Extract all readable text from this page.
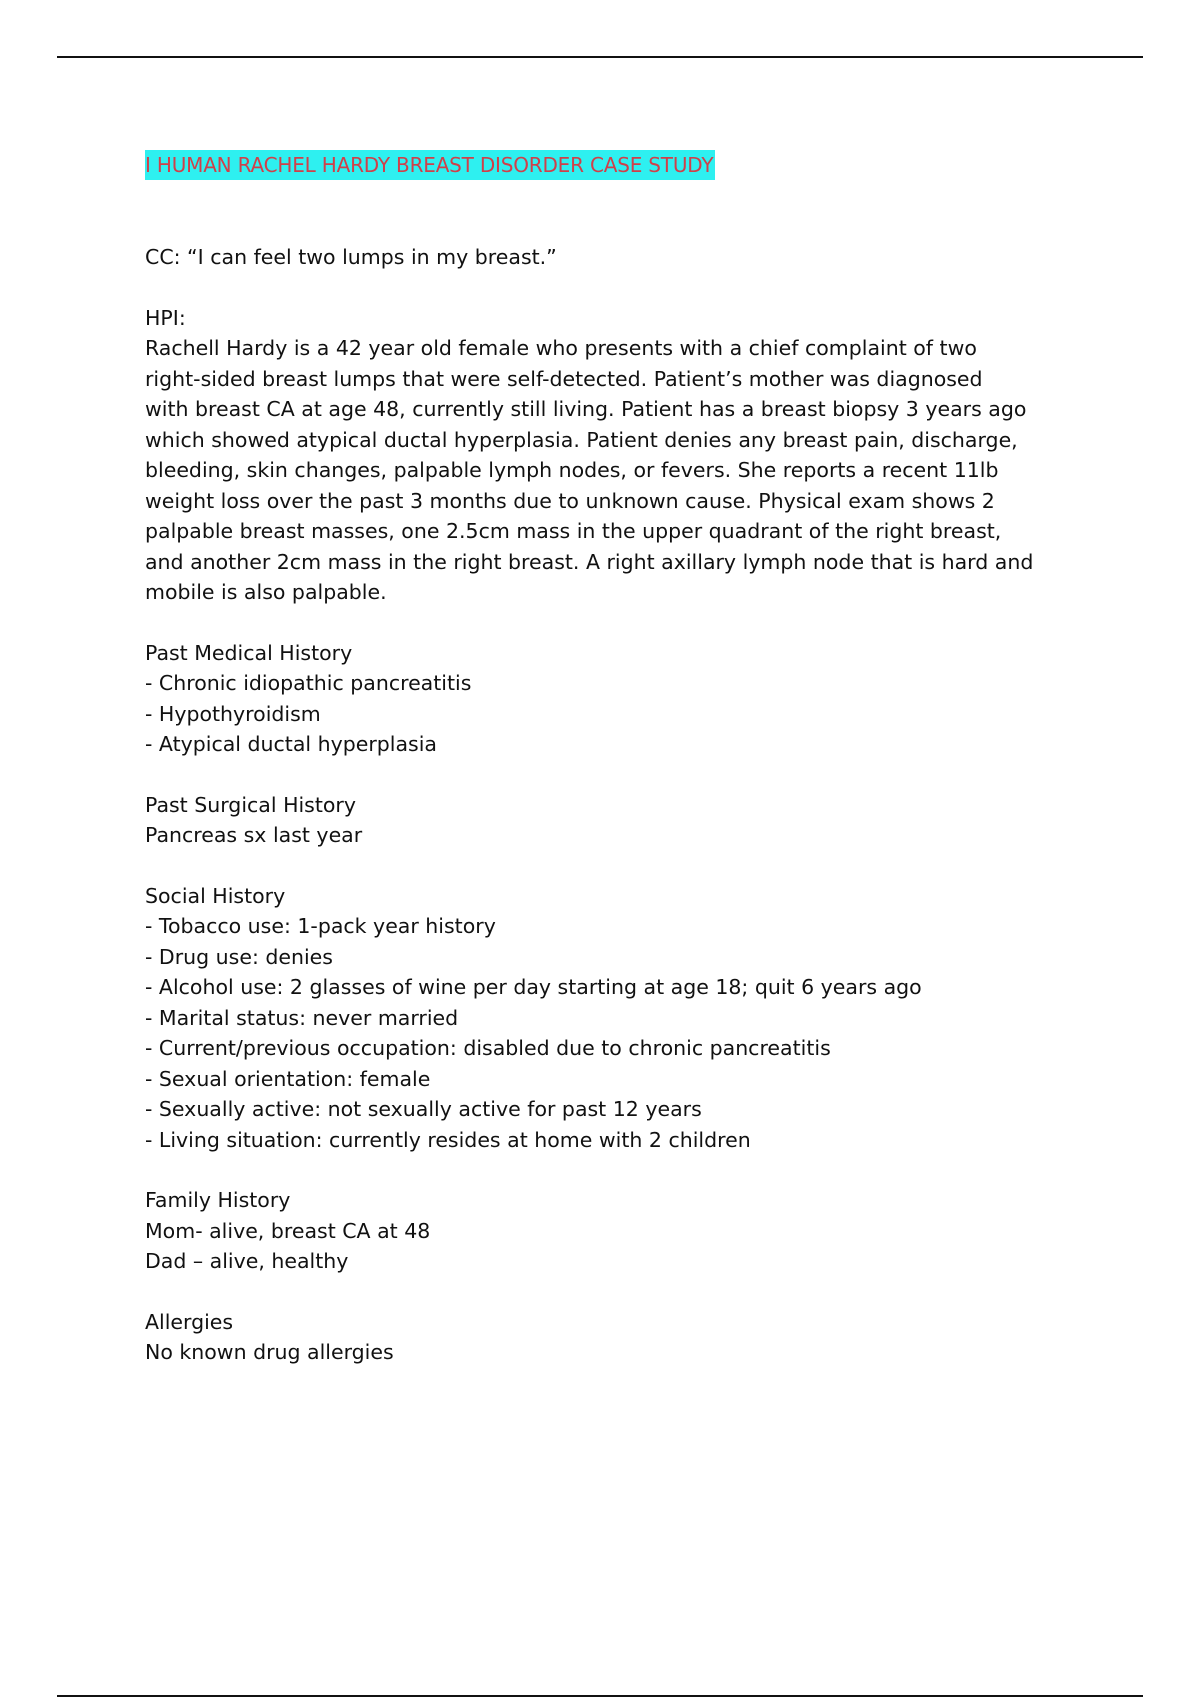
I HUMAN RACHEL HARDY BREAST DISORDER CASE STUDY
CC: “I can feel two lumps in my breast.”
HPI:
Rachell Hardy is a 42 year old female who presents with a chief complaint of two
right-sided breast lumps that were self-detected. Patient’s mother was diagnosed
with breast CA at age 48, currently still living. Patient has a breast biopsy 3 years ago
which showed atypical ductal hyperplasia. Patient denies any breast pain, discharge,
bleeding, skin changes, palpable lymph nodes, or fevers. She reports a recent 11lb
weight loss over the past 3 months due to unknown cause. Physical exam shows 2
palpable breast masses, one 2.5cm mass in the upper quadrant of the right breast,
and another 2cm mass in the right breast. A right axillary lymph node that is hard and
mobile is also palpable.
Past Medical History
- Chronic idiopathic pancreatitis
- Hypothyroidism
- Atypical ductal hyperplasia
Past Surgical History
Pancreas sx last year
Social History
- Tobacco use: 1-pack year history
- Drug use: denies
- Alcohol use: 2 glasses of wine per day starting at age 18; quit 6 years ago
- Marital status: never married
- Current/previous occupation: disabled due to chronic pancreatitis
- Sexual orientation: female
- Sexually active: not sexually active for past 12 years
- Living situation: currently resides at home with 2 children
Family History
Mom- alive, breast CA at 48
Dad – alive, healthy
Allergies
No known drug allergies
